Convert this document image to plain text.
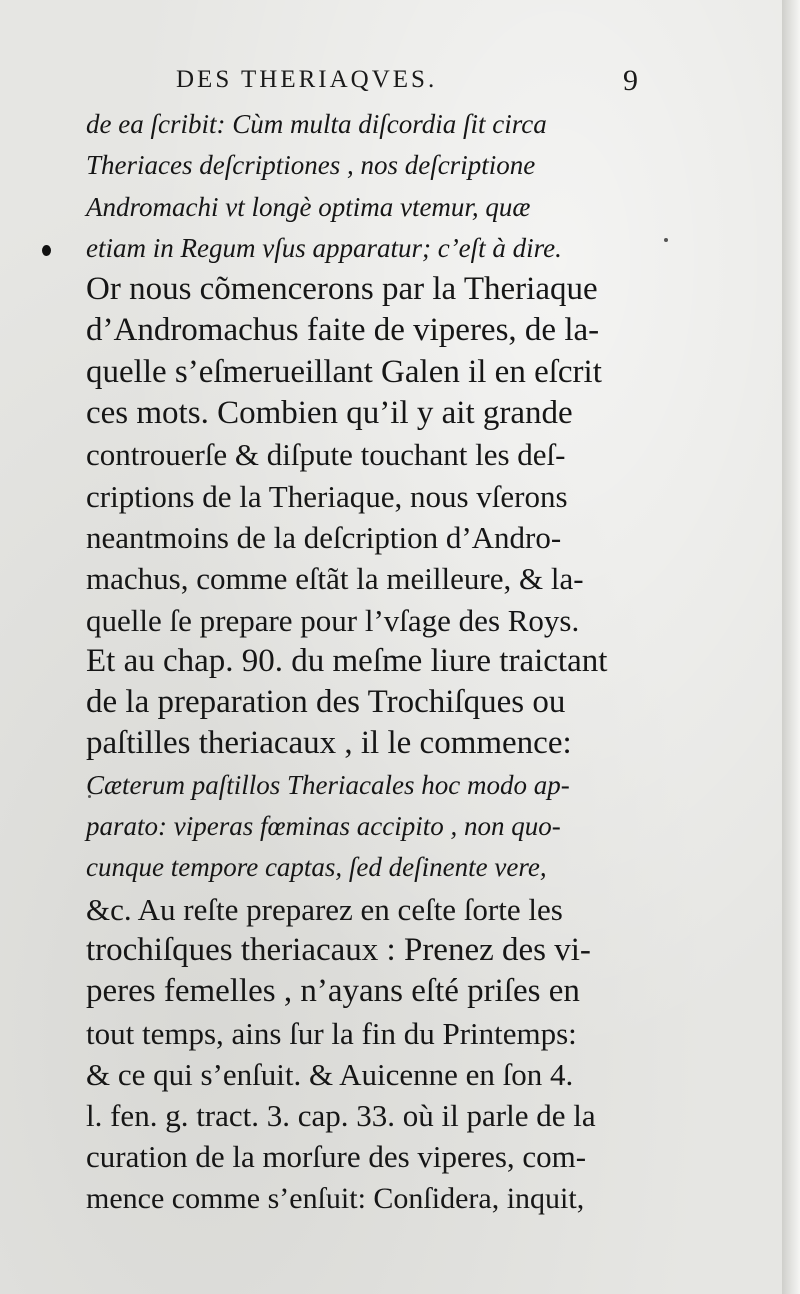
DES THERIAQVES.	9
de ea ſcribit: Cùm multa diſcordia ſit circa
Theriaces deſcriptiones , nos deſcriptione
Andromachi vt longè optima vtemur, quæ
etiam in Regum vſus apparatur; c’eſt à dire.
Or nous cõmencerons par la Theriaque
d’Andromachus faite de viperes, de la-
quelle s’eſmerueillant Galen il en eſcrit
ces mots. Combien qu’il y ait grande
controuerſe & diſpute touchant les deſ-
criptions de la Theriaque, nous vſerons
neantmoins de la deſcription d’Andro-
machus, comme eſtãt la meilleure, & la-
quelle ſe prepare pour l’vſage des Roys.
Et au chap. 90. du meſme liure traictant
de la preparation des Trochiſques ou
paſtilles theriacaux , il le commence:
Cæterum paſtillos Theriacales hoc modo ap-
parato: viperas fœminas accipito , non quo-
cunque tempore captas, ſed deſinente vere,
&c. Au reſte preparez en ceſte ſorte les
trochiſques theriacaux : Prenez des vi-
peres femelles , n’ayans eſté priſes en
tout temps, ains ſur la fin du Printemps:
& ce qui s’enſuit. & Auicenne en ſon 4.
l. fen. g. tract. 3. cap. 33. où il parle de la
curation de la morſure des viperes, com-
mence comme s’enſuit: Conſidera, inquit,
